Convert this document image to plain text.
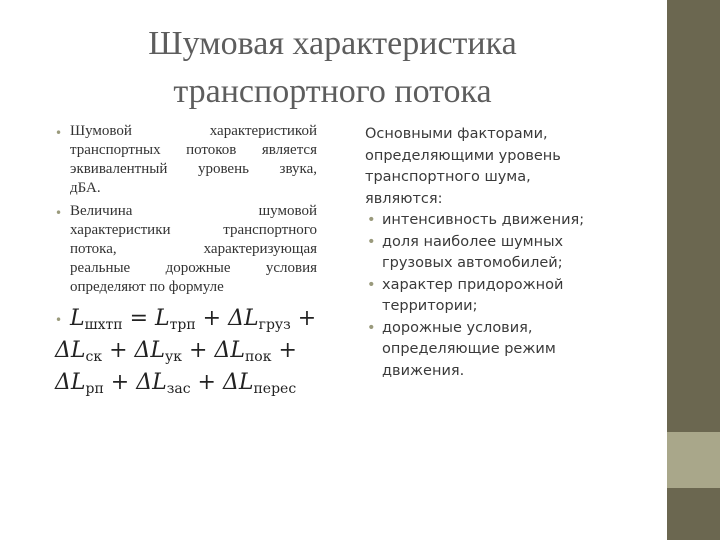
Шумовая характеристика
транспортного потока
• Шумовой характеристикой
транспортных потоков является
эквивалентный уровень звука,
дБА.
• Величина шумовой
характеристики транспортного
потока, характеризующая
реальные дорожные условия
определяют по формуле
• $L_{шхтп} = L_{трп} + \Delta L_{груз}$ +
$\Delta L_{ск} + \Delta L_{ук} + \Delta L_{пок}$ +
$\Delta L_{рп} + \Delta L_{зас} + \Delta L_{перес}$
Основными факторами, определяющими уровень транспортного шума, являются:
• интенсивность движения;
• доля наиболее шумных грузовых автомобилей;
• характер придорожной территории;
• дорожные условия, определяющие режим движения.
